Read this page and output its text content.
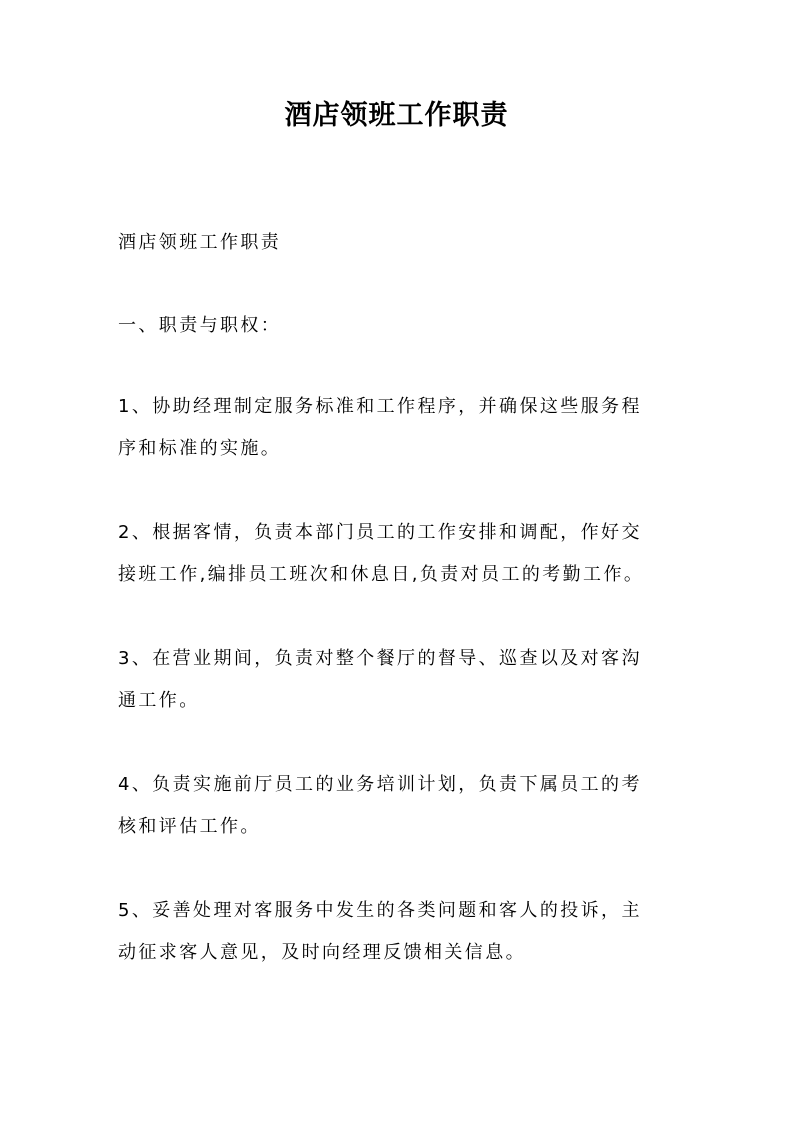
酒店领班工作职责

酒店领班工作职责

一、职责与职权：

1、协助经理制定服务标准和工作程序，并确保这些服务程
序和标准的实施。
2、根据客情，负责本部门员工的工作安排和调配，作好交
接班工作,编排员工班次和休息日,负责对员工的考勤工作。
3、在营业期间，负责对整个餐厅的督导、巡查以及对客沟
通工作。
4、负责实施前厅员工的业务培训计划，负责下属员工的考
核和评估工作。
5、妥善处理对客服务中发生的各类问题和客人的投诉，主
动征求客人意见，及时向经理反馈相关信息。
